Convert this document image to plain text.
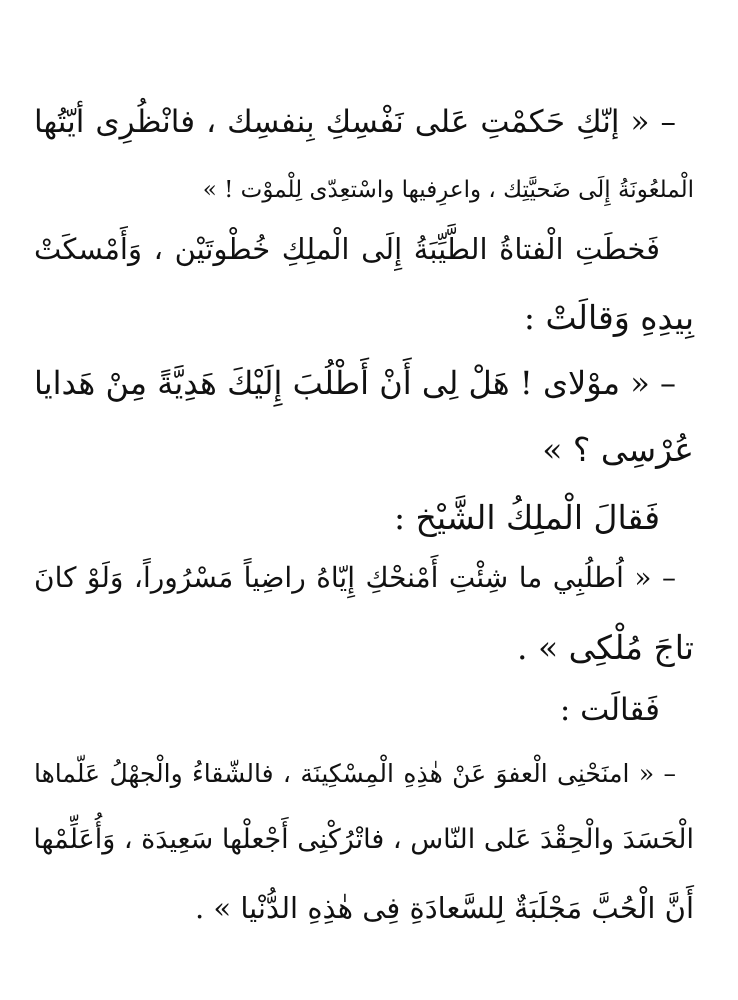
– « إنّكِ حَكمْتِ عَلى نَفْسِكِ بِنفسِك ، فانْظُرِى أيّتُها
الْملعُونَةُ إِلَى ضَحيَّتِك ، واعرِفيها واسْتعِدّى لِلْموْت ! »
فَخطَتِ الْفتاةُ الطَّيِّبَةُ إِلَى الْملِكِ خُطْوتَيْن ، وَأَمْسكَتْ
بِيدِهِ وَقالَتْ :
– « موْلاى ! هَلْ لِى أَنْ أَطْلُبَ إِلَيْكَ هَدِيَّةً مِنْ هَدايا
عُرْسِى ؟ »
فَقالَ الْملِكُ الشَّيْخ :
– « اُطلُبِي ما شِئْتِ أَمْنحْكِ إِيّاهُ راضِياً مَسْرُوراً، وَلَوْ كانَ
تاجَ مُلْكِى » .
فَقالَت :
– « امنَحْنِى الْعفوَ عَنْ هٰذِهِ الْمِسْكِينَة ، فالشّقاءُ والْجهْلُ عَلّماها
الْحَسَدَ والْحِقْدَ عَلى النّاس ، فاتْرُكْنِى أَجْعلْها سَعِيدَة ، وَأُعَلِّمْها
أَنَّ الْحُبَّ مَجْلَبَةٌ لِلسَّعادَةِ فِى هٰذِهِ الدُّنْيا » .
